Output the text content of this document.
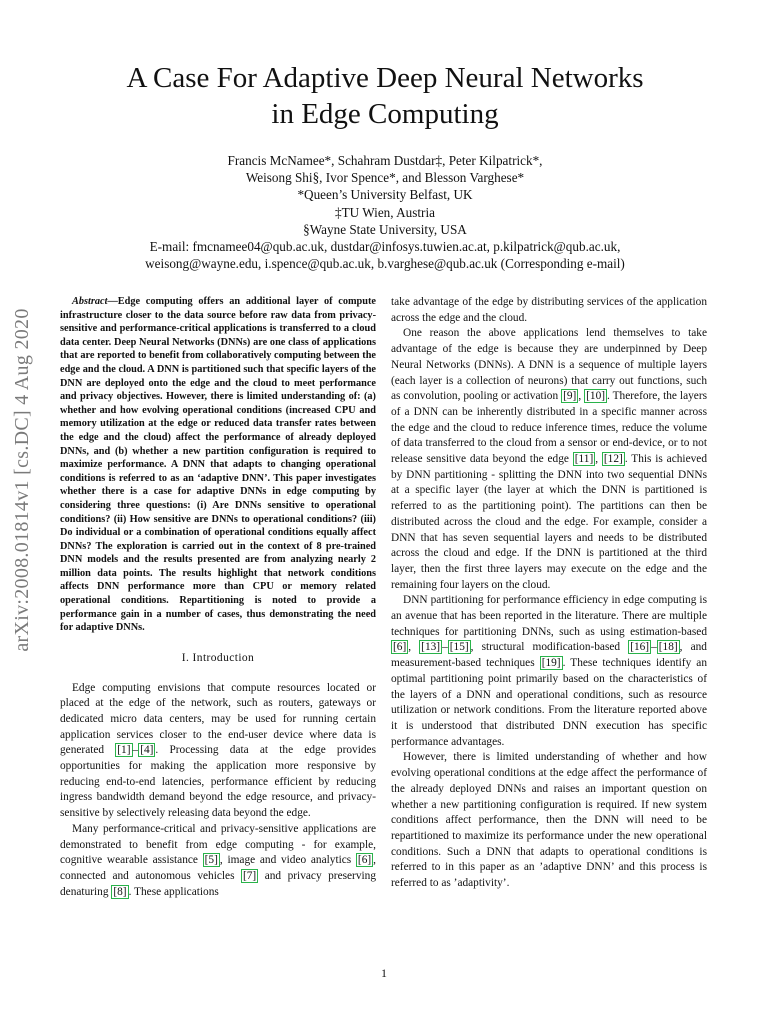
arXiv:2008.01814v1 [cs.DC] 4 Aug 2020
A Case For Adaptive Deep Neural Networks
in Edge Computing
Francis McNamee*, Schahram Dustdar‡, Peter Kilpatrick*,
Weisong Shi§, Ivor Spence*, and Blesson Varghese*
*Queen’s University Belfast, UK
‡TU Wien, Austria
§Wayne State University, USA
E-mail: fmcnamee04@qub.ac.uk, dustdar@infosys.tuwien.ac.at, p.kilpatrick@qub.ac.uk,
weisong@wayne.edu, i.spence@qub.ac.uk, b.varghese@qub.ac.uk (Corresponding e-mail)

Abstract—Edge computing offers an additional layer of compute infrastructure closer to the data source before raw data from privacy-sensitive and performance-critical applications is transferred to a cloud data center. Deep Neural Networks (DNNs) are one class of applications that are reported to benefit from collaboratively computing between the edge and the cloud. A DNN is partitioned such that specific layers of the DNN are deployed onto the edge and the cloud to meet performance and privacy objectives. However, there is limited understanding of: (a) whether and how evolving operational conditions (increased CPU and memory utilization at the edge or reduced data transfer rates between the edge and the cloud) affect the performance of already deployed DNNs, and (b) whether a new partition configuration is required to maximize performance. A DNN that adapts to changing operational conditions is referred to as an ‘adaptive DNN’. This paper investigates whether there is a case for adaptive DNNs in edge computing by considering three questions: (i) Are DNNs sensitive to operational conditions? (ii) How sensitive are DNNs to operational conditions? (iii) Do individual or a combination of operational conditions equally affect DNNs? The exploration is carried out in the context of 8 pre-trained DNN models and the results presented are from analyzing nearly 2 million data points. The results highlight that network conditions affects DNN performance more than CPU or memory related operational conditions. Repartitioning is noted to provide a performance gain in a number of cases, thus demonstrating the need for adaptive DNNs.

I. Introduction

Edge computing envisions that compute resources located or placed at the edge of the network, such as routers, gateways or dedicated micro data centers, may be used for running certain application services closer to the end-user device where data is generated [1] – [4] . Processing data at the edge provides opportunities for making the application more responsive by reducing end-to-end latencies, performance efficient by reducing ingress bandwidth demand beyond the edge resource, and privacy-sensitive by selectively releasing data beyond the edge.

Many performance-critical and privacy-sensitive applications are demonstrated to benefit from edge computing - for example, cognitive wearable assistance [5] , image and video analytics [6] , connected and autonomous vehicles [7] and privacy preserving denaturing [8] . These applications

take advantage of the edge by distributing services of the application across the edge and the cloud.

One reason the above applications lend themselves to take advantage of the edge is because they are underpinned by Deep Neural Networks (DNNs). A DNN is a sequence of multiple layers (each layer is a collection of neurons) that carry out functions, such as convolution, pooling or activation [9] , [10] . Therefore, the layers of a DNN can be inherently distributed in a specific manner across the edge and the cloud to reduce inference times, reduce the volume of data transferred to the cloud from a sensor or end-device, or to not release sensitive data beyond the edge [11] , [12] . This is achieved by DNN partitioning - splitting the DNN into two sequential DNNs at a specific layer (the layer at which the DNN is partitioned is referred to as the partitioning point). The partitions can then be distributed across the cloud and the edge. For example, consider a DNN that has seven sequential layers and needs to be distributed across the cloud and edge. If the DNN is partitioned at the third layer, then the first three layers may execute on the edge and the remaining four layers on the cloud.

DNN partitioning for performance efficiency in edge computing is an avenue that has been reported in the literature. There are multiple techniques for partitioning DNNs, such as using estimation-based [6] , [13] – [15] , structural modification-based [16] – [18] , and measurement-based techniques [19] . These techniques identify an optimal partitioning point primarily based on the characteristics of the layers of a DNN and operational conditions, such as resource utilization or network conditions. From the literature reported above it is understood that distributed DNN execution has specific performance advantages.

However, there is limited understanding of whether and how evolving operational conditions at the edge affect the performance of the already deployed DNNs and raises an important question on whether a new partitioning configuration is required. If new system conditions affect performance, then the DNN will need to be repartitioned to maximize its performance under the new operational conditions. Such a DNN that adapts to operational conditions is referred to in this paper as an ’adaptive DNN’ and this process is referred to as ’adaptivity’.

1
